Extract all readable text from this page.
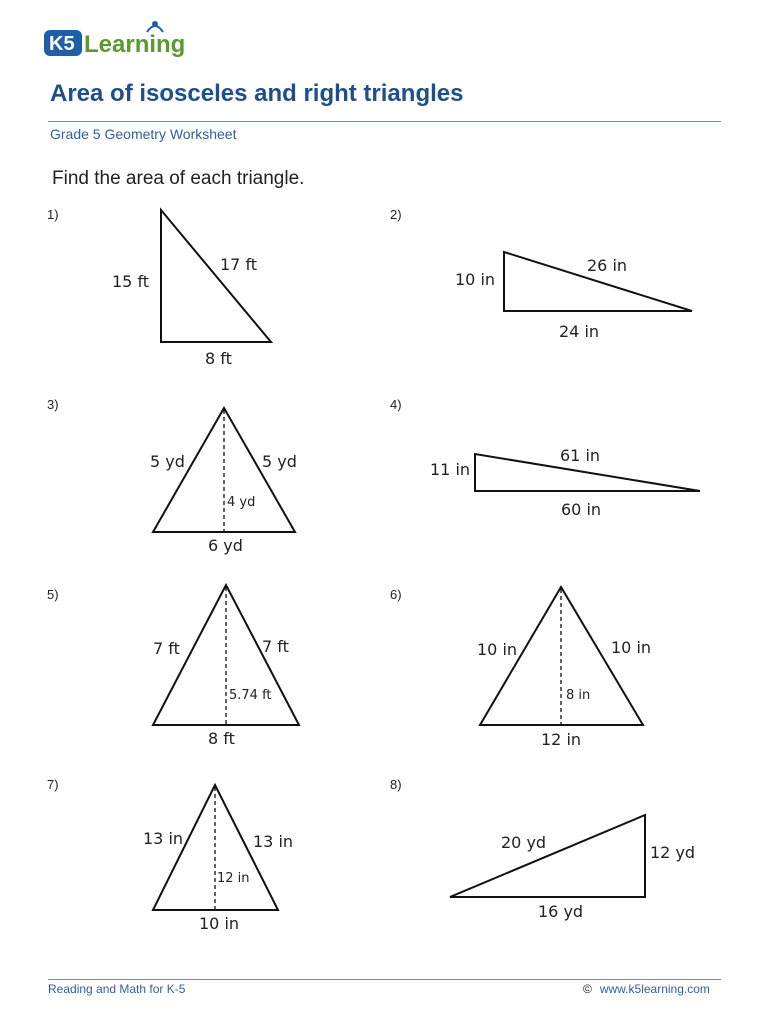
K5 Learning
Area of isosceles and right triangles
Grade 5 Geometry Worksheet
Find the area of each triangle.
1)	2)
3)	4)
5)	6)
7)	8)
15 ft
17 ft
8 ft
10 in
26 in
24 in
5 yd	5 yd
4 yd
6 yd
11 in
61 in
60 in
7 ft	7 ft
5.74 ft
8 ft
10 in	10 in
8 in
12 in
13 in	13 in
12 in
10 in
20 yd
12 yd
16 yd
Reading and Math for K-5	© www.k5learning.com
